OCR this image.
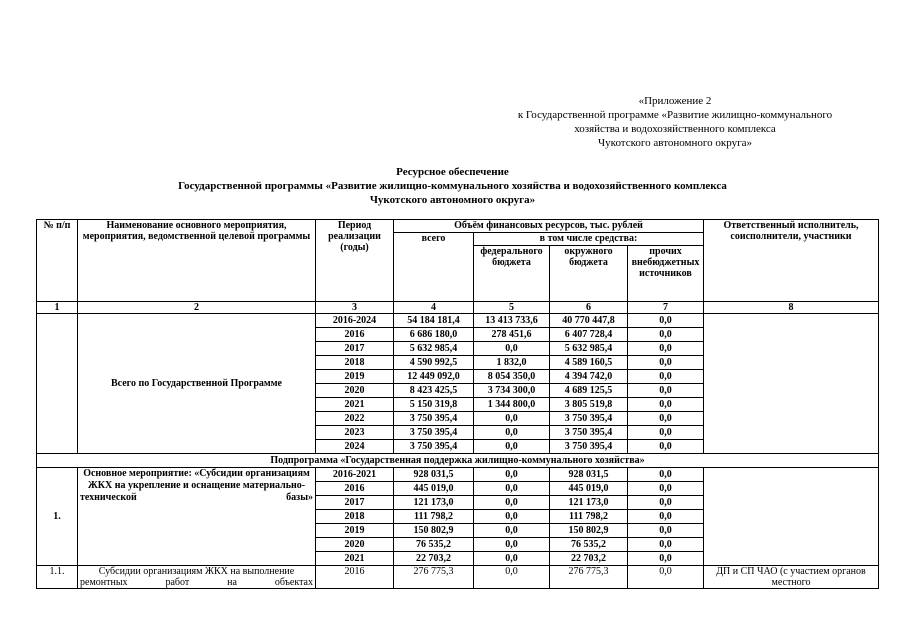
«Приложение 2
к Государственной программе «Развитие жилищно-коммунального
хозяйства и водохозяйственного комплекса
Чукотского автономного округа»
Ресурсное обеспечение
Государственной программы «Развитие жилищно-коммунального хозяйства и водохозяйственного комплекса
Чукотского автономного округа»
№ п/п	Наименование основного мероприятия, мероприятия, ведомственной целевой программы	Период реализации (годы)	Объём финансовых ресурсов, тыс. рублей				Ответственный исполнитель, соисполнители, участники
			всего	в том числе средства:			
				федерального бюджета	окружного бюджета	прочих внебюджетных источников	
1	2	3	4	5	6	7	8
	Всего по Государственной Программе	2016-2024	54 184 181,4	13 413 733,6	40 770 447,8	0,0	
		2016	6 686 180,0	278 451,6	6 407 728,4	0,0	
		2017	5 632 985,4	0,0	5 632 985,4	0,0	
		2018	4 590 992,5	1 832,0	4 589 160,5	0,0	
		2019	12 449 092,0	8 054 350,0	4 394 742,0	0,0	
		2020	8 423 425,5	3 734 300,0	4 689 125,5	0,0	
		2021	5 150 319,8	1 344 800,0	3 805 519,8	0,0	
		2022	3 750 395,4	0,0	3 750 395,4	0,0	
		2023	3 750 395,4	0,0	3 750 395,4	0,0	
		2024	3 750 395,4	0,0	3 750 395,4	0,0	
Подпрограмма «Государственная поддержка жилищно-коммунального хозяйства»							
1.	Основное мероприятие: «Субсидии организациям ЖКХ на укрепление и оснащение материально-технической базы»	2016-2021	928 031,5	0,0	928 031,5	0,0	
		2016	445 019,0	0,0	445 019,0	0,0	
		2017	121 173,0	0,0	121 173,0	0,0	
		2018	111 798,2	0,0	111 798,2	0,0	
		2019	150 802,9	0,0	150 802,9	0,0	
		2020	76 535,2	0,0	76 535,2	0,0	
		2021	22 703,2	0,0	22 703,2	0,0	
1.1.	Субсидии организациям ЖКХ на выполнение ремонтных работ на объектах	2016	276 775,3	0,0	276 775,3	0,0	ДП и СП ЧАО (с участием органов местного
